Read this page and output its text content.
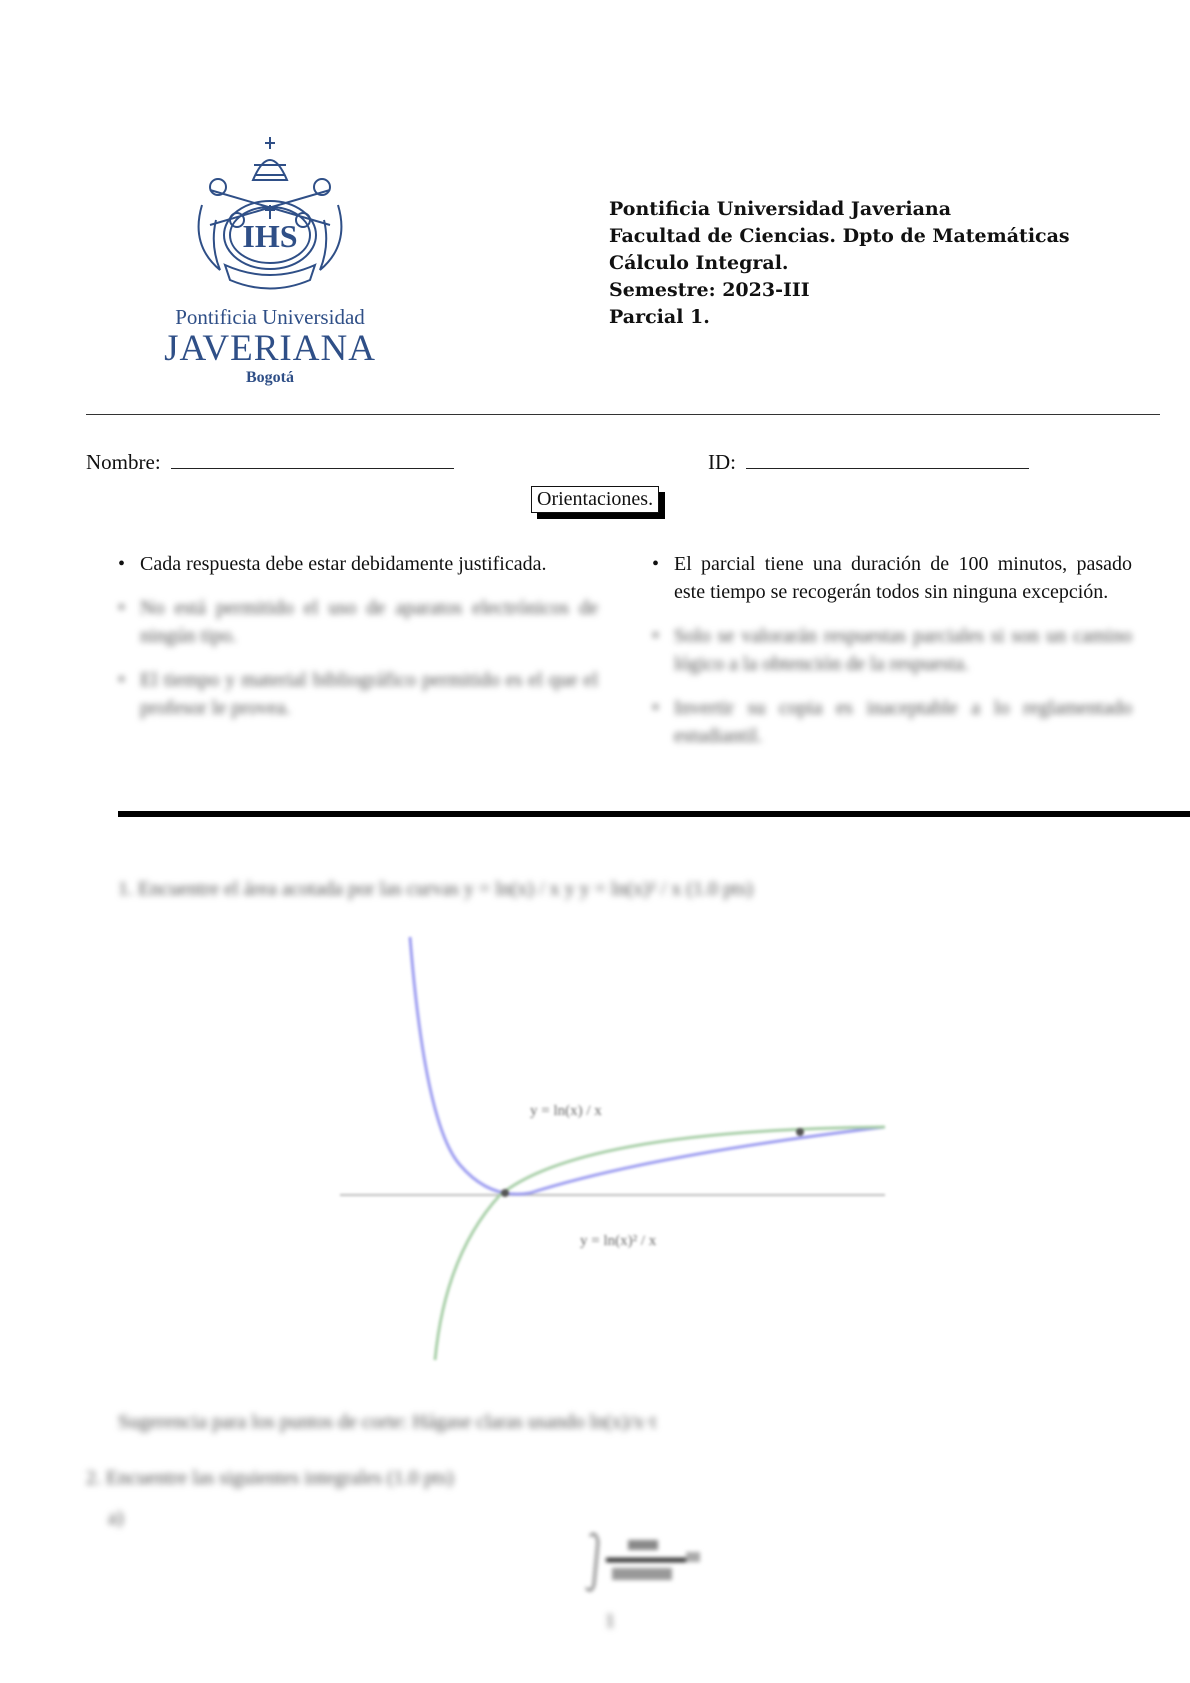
IHS
Pontificia Universidad
JAVERIANA
Bogotá
Pontificia Universidad Javeriana
Facultad de Ciencias. Dpto de Matemáticas
Cálculo Integral.
Semestre: 2023-III
Parcial 1.
Nombre:	ID:
Orientaciones.
• Cada respuesta debe estar debidamente justificada.
• No está permitido el uso de aparatos electrónicos de ningún tipo.
• El tiempo y material bibliográfico permitido es el que el profesor le provea.
• El parcial tiene una duración de 100 minutos, pasado este tiempo se recogerán todos sin ninguna excepción.
• Solo se valorarán respuestas parciales si son un camino lógico a la obtención de la respuesta.
• Invertir su copia es inaceptable a lo reglamentado estudiantil.
1. Encuentre el área acotada por las curvas y = ln(x) / x y y = ln(x)² / x (1.0 pts)
y = ln(x) / x
y = ln(x)² / x
Sugerencia para los puntos de corte: Hágase claras usando ln(x)/x·t
2. Encuentre las siguientes integrales (1.0 pts)
a)
1
